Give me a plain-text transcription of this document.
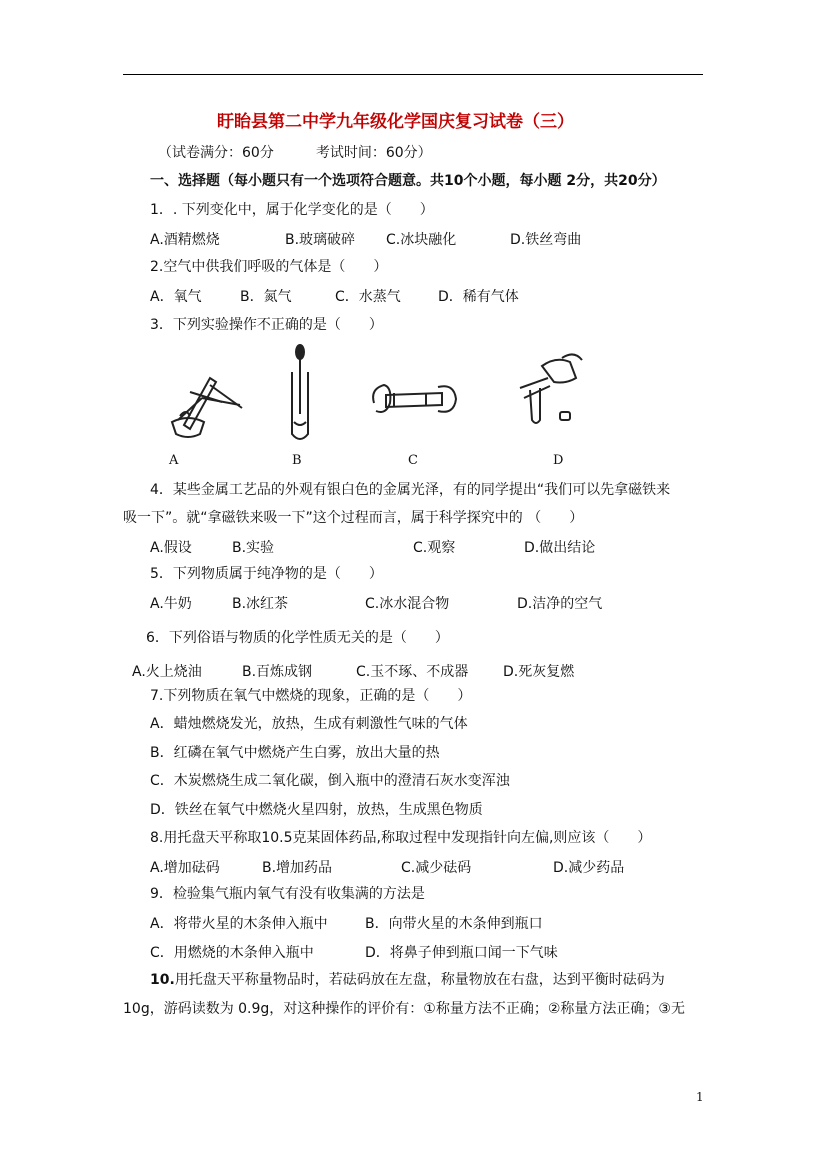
盱眙县第二中学九年级化学国庆复习试卷（三）
（试卷满分：60分　　　考试时间：60分）
一、选择题（每小题只有一个选项符合题意。共10个小题，每小题 2分，共20分）
1．. 下列变化中，属于化学变化的是（　　）
A.酒精燃烧	B.玻璃破碎 C.冰块融化	D.铁丝弯曲
2.空气中供我们呼吸的气体是（　　）
A．氧气	B．氮气	C．水蒸气	D．稀有气体
3．下列实验操作不正确的是（　　）
A	B	C	D
4．某些金属工艺品的外观有银白色的金属光泽，有的同学提出“我们可以先拿磁铁来
吸一下”。就“拿磁铁来吸一下”这个过程而言，属于科学探究中的 （　　）
A.假设	B.实验	C.观察	D.做出结论
5．下列物质属于纯净物的是（　　）
A.牛奶	B.冰红茶	C.冰水混合物	D.洁净的空气
6．下列俗语与物质的化学性质无关的是（　　）
A.火上烧油	B.百炼成钢	C.玉不琢、不成器 D.死灰复燃
7.下列物质在氧气中燃烧的现象，正确的是（　　）
A．蜡烛燃烧发光，放热，生成有刺激性气味的气体
B．红磷在氧气中燃烧产生白雾，放出大量的热
C．木炭燃烧生成二氧化碳，倒入瓶中的澄清石灰水变浑浊
D．铁丝在氧气中燃烧火星四射，放热，生成黑色物质
8.用托盘天平称取10.5克某固体药品,称取过程中发现指针向左偏,则应该（　　）
A.增加砝码	B.增加药品	C.减少砝码	D.减少药品
9．检验集气瓶内氧气有没有收集满的方法是
A．将带火星的木条伸入瓶中	B．向带火星的木条伸到瓶口
C．用燃烧的木条伸入瓶中	D．将鼻子伸到瓶口闻一下气味
10.用托盘天平称量物品时，若砝码放在左盘，称量物放在右盘，达到平衡时砝码为
10g，游码读数为 0.9g，对这种操作的评价有：①称量方法不正确；②称量方法正确；③无
1
